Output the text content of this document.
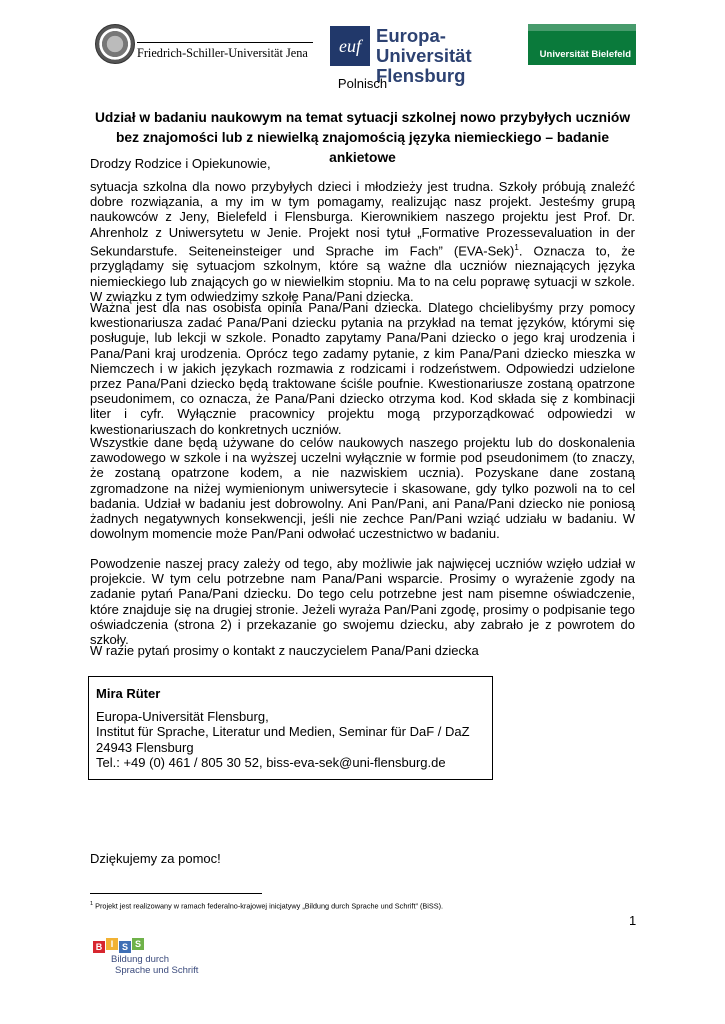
Friedrich-Schiller-Universität Jena	euf Europa-Universität
Flensburg
Universität Bielefeld
Polnisch
Udział w badaniu naukowym na temat sytuacji szkolnej nowo przybyłych uczniów bez znajomości lub z niewielką znajomością języka niemieckiego – badanie ankietowe

Drodzy Rodzice i Opiekunowie,

sytuacja szkolna dla nowo przybyłych dzieci i młodzieży jest trudna. Szkoły próbują znaleźć dobre rozwiązania, a my im w tym pomagamy, realizując nasz projekt. Jesteśmy grupą naukowców z Jeny, Bielefeld i Flensburga. Kierownikiem naszego projektu jest Prof. Dr. Ahrenholz z Uniwersytetu w Jenie. Projekt nosi tytuł „Formative Prozessevaluation in der Sekundarstufe. Seiteneinsteiger und Sprache im Fach” $(EVA-Sek)^1$. Oznacza to, że przyglądamy się sytuacjom szkolnym, które są ważne dla uczniów nieznających języka niemieckiego lub znających go w niewielkim stopniu. Ma to na celu poprawę sytuacji w szkole. W związku z tym odwiedzimy szkołę Pana/Pani dziecka.

Ważna jest dla nas osobista opinia Pana/Pani dziecka. Dlatego chcielibyśmy przy pomocy kwestionariusza zadać Pana/Pani dziecku pytania na przykład na temat języków, którymi się posługuje, lub lekcji w szkole. Ponadto zapytamy Pana/Pani dziecko o jego kraj urodzenia i Pana/Pani kraj urodzenia. Oprócz tego zadamy pytanie, z kim Pana/Pani dziecko mieszka w Niemczech i w jakich językach rozmawia z rodzicami i rodzeństwem. Odpowiedzi udzielone przez Pana/Pani dziecko będą traktowane ściśle poufnie. Kwestionariusze zostaną opatrzone pseudonimem, co oznacza, że Pana/Pani dziecko otrzyma kod. Kod składa się z kombinacji liter i cyfr. Wyłącznie pracownicy projektu mogą przyporządkować odpowiedzi w kwestionariuszach do konkretnych uczniów.

Wszystkie dane będą używane do celów naukowych naszego projektu lub do doskonalenia zawodowego w szkole i na wyższej uczelni wyłącznie w formie pod pseudonimem (to znaczy, że zostaną opatrzone kodem, a nie nazwiskiem ucznia). Pozyskane dane zostaną zgromadzone na niżej wymienionym uniwersytecie i skasowane, gdy tylko pozwoli na to cel badania. Udział w badaniu jest dobrowolny. Ani Pan/Pani, ani Pana/Pani dziecko nie poniosą żadnych negatywnych konsekwencji, jeśli nie zechce Pan/Pani wziąć udziału w badaniu. W dowolnym momencie może Pan/Pani odwołać uczestnictwo w badaniu.

Powodzenie naszej pracy zależy od tego, aby możliwie jak najwięcej uczniów wzięło udział w projekcie. W tym celu potrzebne nam Pana/Pani wsparcie. Prosimy o wyrażenie zgody na zadanie pytań Pana/Pani dziecku. Do tego celu potrzebne jest nam pisemne oświadczenie, które znajduje się na drugiej stronie. Jeżeli wyraża Pan/Pani zgodę, prosimy o podpisanie tego oświadczenia (strona 2) i przekazanie go swojemu dziecku, aby zabrało je z powrotem do szkoły.

W razie pytań prosimy o kontakt z nauczycielem Pana/Pani dziecka

Mira Rüter
Europa-Universität Flensburg,
Institut für Sprache, Literatur und Medien, Seminar für DaF / DaZ
24943 Flensburg
Tel.: +49 (0) 461 / 805 30 52, biss-eva-sek@uni-flensburg.de
Dziękujemy za pomoc!
$^1$ Projekt jest realizowany w ramach federalno-krajowej inicjatywy „Bildung durch Sprache und Schrift” (BiSS).
1
B I S S
Bildung durch
Sprache und Schrift
